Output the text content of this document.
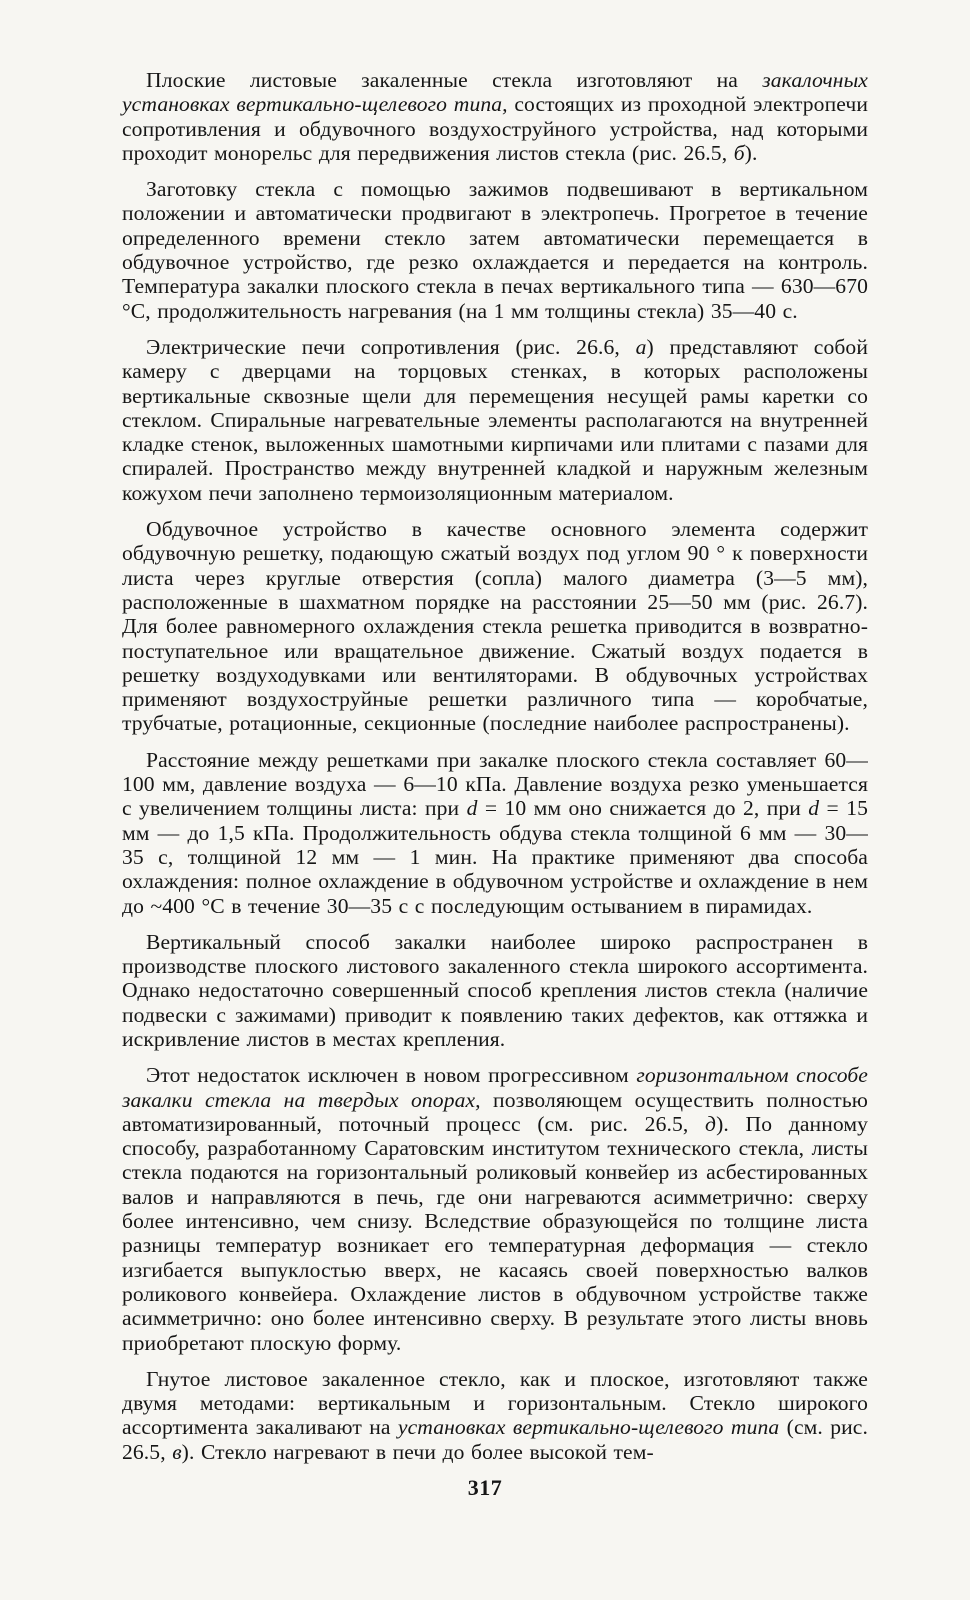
Плоские листовые закаленные стекла изготовляют на закалочных установках вертикально-щелевого типа, состоящих из проходной электропечи сопротивления и обдувочного воздухоструйного устройства, над которыми проходит монорельс для передвижения листов стекла (рис. 26.5, б).

Заготовку стекла с помощью зажимов подвешивают в вертикальном положении и автоматически продвигают в электропечь. Прогретое в течение определенного времени стекло затем автоматически перемещается в обдувочное устройство, где резко охлаждается и передается на контроль. Температура закалки плоского стекла в печах вертикального типа — 630—670 °С, продолжительность нагревания (на 1 мм толщины стекла) 35—40 с.

Электрические печи сопротивления (рис. 26.6, а) представляют собой камеру с дверцами на торцовых стенках, в которых расположены вертикальные сквозные щели для перемещения несущей рамы каретки со стеклом. Спиральные нагревательные элементы располагаются на внутренней кладке стенок, выложенных шамотными кирпичами или плитами с пазами для спиралей. Пространство между внутренней кладкой и наружным железным кожухом печи заполнено термоизоляционным материалом.

Обдувочное устройство в качестве основного элемента содержит обдувочную решетку, подающую сжатый воздух под углом 90 ° к поверхности листа через круглые отверстия (сопла) малого диаметра (3—5 мм), расположенные в шахматном порядке на расстоянии 25—50 мм (рис. 26.7). Для более равномерного охлаждения стекла решетка приводится в возвратно-поступательное или вращательное движение. Сжатый воздух подается в решетку воздуходувками или вентиляторами. В обдувочных устройствах применяют воздухоструйные решетки различного типа — коробчатые, трубчатые, ротационные, секционные (последние наиболее распространены).

Расстояние между решетками при закалке плоского стекла составляет 60—100 мм, давление воздуха — 6—10 кПа. Давление воздуха резко уменьшается с увеличением толщины листа: при d = 10 мм оно снижается до 2, при d = 15 мм — до 1,5 кПа. Продолжительность обдува стекла толщиной 6 мм — 30—35 с, толщиной 12 мм — 1 мин. На практике применяют два способа охлаждения: полное охлаждение в обдувочном устройстве и охлаждение в нем до ~400 °С в течение 30—35 с с последующим остыванием в пирамидах.

Вертикальный способ закалки наиболее широко распространен в производстве плоского листового закаленного стекла широкого ассортимента. Однако недостаточно совершенный способ крепления листов стекла (наличие подвески с зажимами) приводит к появлению таких дефектов, как оттяжка и искривление листов в местах крепления.

Этот недостаток исключен в новом прогрессивном горизонтальном способе закалки стекла на твердых опорах, позволяющем осуществить полностью автоматизированный, поточный процесс (см. рис. 26.5, д). По данному способу, разработанному Саратовским институтом технического стекла, листы стекла подаются на горизонтальный роликовый конвейер из асбестированных валов и направляются в печь, где они нагреваются асимметрично: сверху более интенсивно, чем снизу. Вследствие образующейся по толщине листа разницы температур возникает его температурная деформация — стекло изгибается выпуклостью вверх, не касаясь своей поверхностью валков роликового конвейера. Охлаждение листов в обдувочном устройстве также асимметрично: оно более интенсивно сверху. В результате этого листы вновь приобретают плоскую форму.

Гнутое листовое закаленное стекло, как и плоское, изготовляют также двумя методами: вертикальным и горизонтальным. Стекло широкого ассортимента закаливают на установках вертикально-щелевого типа (см. рис. 26.5, в). Стекло нагревают в печи до более высокой тем-

317
